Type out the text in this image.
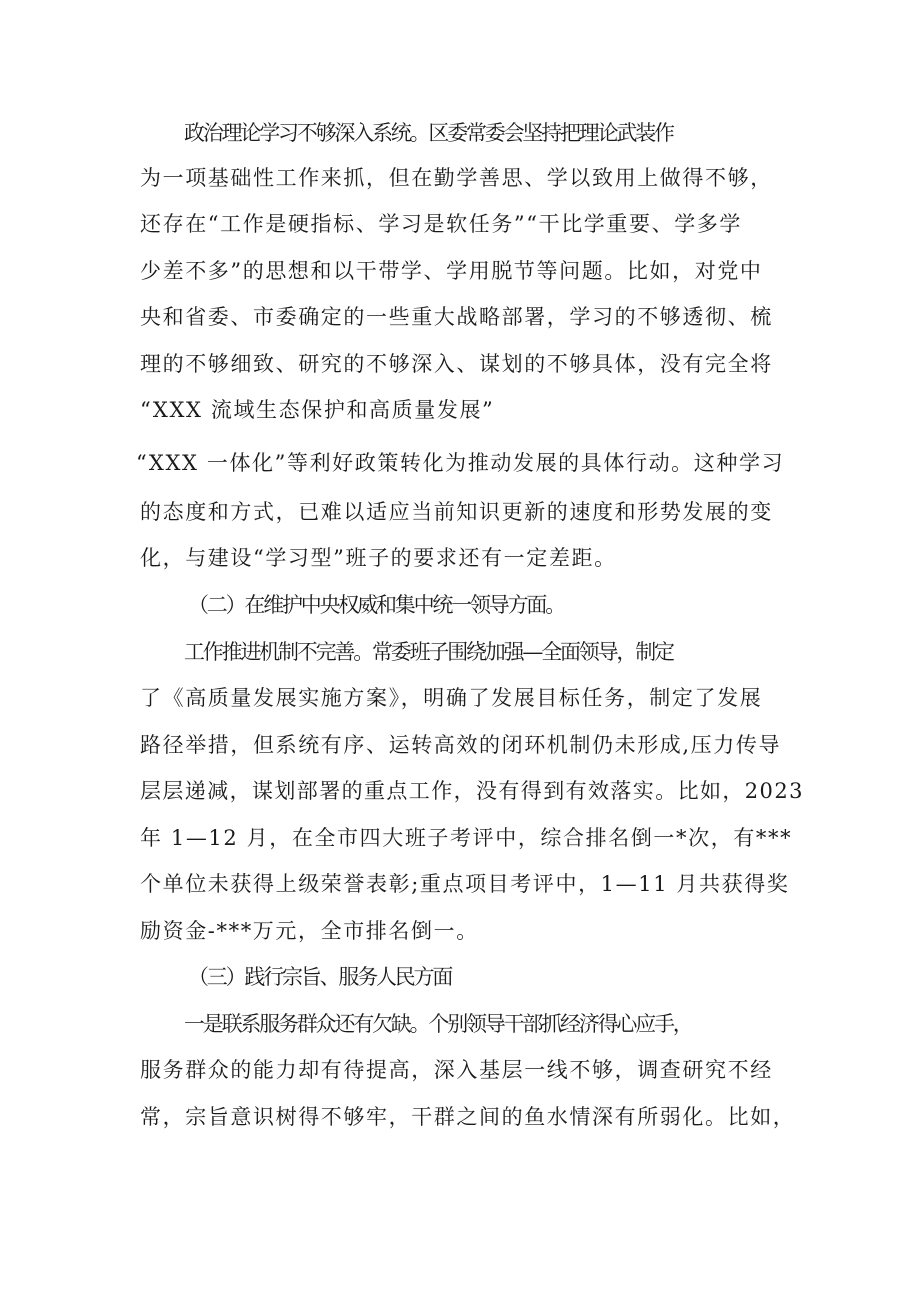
政治理论学习不够深入系统。区委常委会坚持把理论武装作
为一项基础性工作来抓，但在勤学善思、学以致用上做得不够，
还存在“工作是硬指标、学习是软任务”“干比学重要、学多学
少差不多”的思想和以干带学、学用脱节等问题。比如，对党中
央和省委、市委确定的一些重大战略部署，学习的不够透彻、梳
理的不够细致、研究的不够深入、谋划的不够具体，没有完全将
“XXX 流域生态保护和高质量发展”
“XXX 一体化”等利好政策转化为推动发展的具体行动。这种学习
的态度和方式，已难以适应当前知识更新的速度和形势发展的变
化，与建设“学习型”班子的要求还有一定差距。
（二）在维护中央权威和集中统一领导方面。
工作推进机制不完善。常委班子围绕加强—全面领导，制定
了《高质量发展实施方案》，明确了发展目标任务，制定了发展
路径举措，但系统有序、运转高效的闭环机制仍未形成,压力传导
层层递减，谋划部署的重点工作，没有得到有效落实。比如，2023
年 1—12 月，在全市四大班子考评中，综合排名倒一*次，有***
个单位未获得上级荣誉表彰;重点项目考评中，1—11 月共获得奖
励资金-***万元，全市排名倒一。
（三）践行宗旨、服务人民方面
一是联系服务群众还有欠缺。个别领导干部抓经济得心应手，
服务群众的能力却有待提高，深入基层一线不够，调查研究不经
常，宗旨意识树得不够牢，干群之间的鱼水情深有所弱化。比如，
